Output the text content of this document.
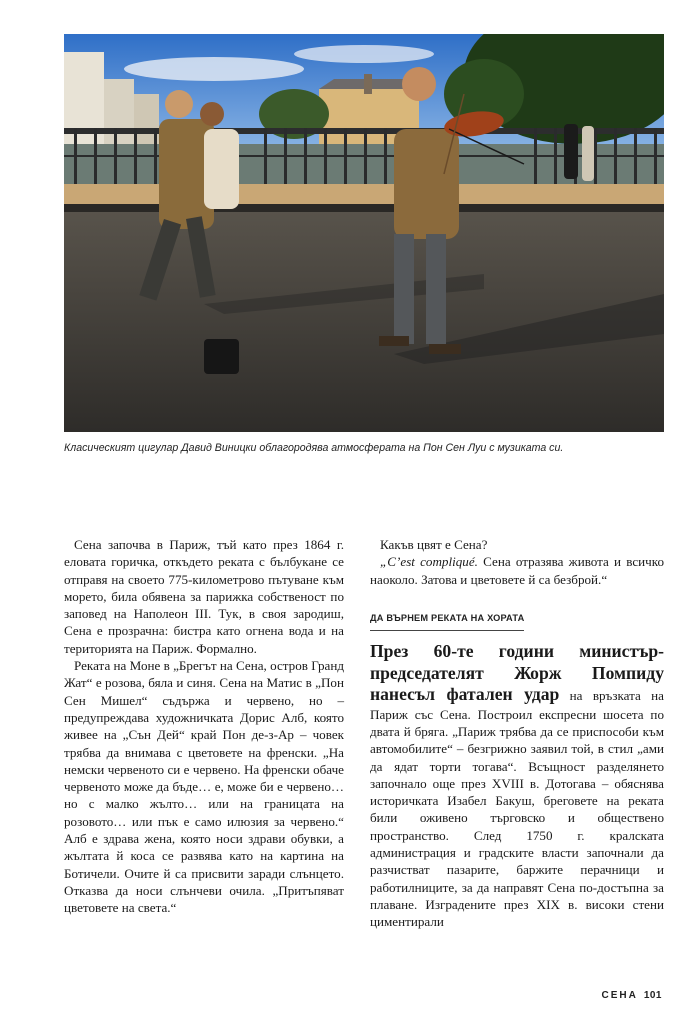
Класическият цигулар Давид Виницки облагородява атмосферата на Пон Сен Луи с музиката си.

Сена започва в Париж, тъй като през 1864 г. еловата горичка, откъдето реката с бълбукане се отправя на своето 775-километрово пътуване към морето, била обявена за парижка собственост по заповед на Наполеон III. Тук, в своя зародиш, Сена е прозрачна: бистра като огнена вода и на територията на Париж. Формално.

Реката на Моне в „Брегът на Сена, остров Гранд Жат“ е розова, бяла и синя. Сена на Матис в „Пон Сен Мишел“ съдържа и червено, но – предупреждава художничката Дорис Алб, която живее на „Сън Дей“ край Пон де-з-Ар – човек трябва да внимава с цветовете на френски. „На немски червеното си е червено. На френски обаче червеното може да бъде… е, може би е червено… но с малко жълто… или на границата на розовото… или пък е само илюзия за червено.“ Алб е здрава жена, която носи здрави обувки, а жълтата й коса се развява като на картина на Ботичели. Очите й са присвити заради слънцето. Отказва да носи слънчеви очила. „Притъпяват цветовете на света.“

Какъв цвят е Сена?

„C’est compliqué. Сена отразява живота и всичко наоколо. Затова и цветовете й са безброй.“

ДА ВЪРНЕМ РЕКАТА НА ХОРАТА

През 60-те години министър-председателят Жорж Помпиду нанесъл фатален удар на връзката на Париж със Сена. Построил експресни шосета по двата й бряга. „Париж трябва да се приспособи към автомобилите“ – безгрижно заявил той, в стил „ами да ядат торти тогава“. Всъщност разделянето започнало още през XVIII в. Дотогава – обяснява историчката Изабел Бакуш, бреговете на реката били оживено търговско и обществено пространство. След 1750 г. кралската администрация и градските власти започнали да разчистват пазарите, баржите перачници и работилниците, за да направят Сена по-достъпна за плаване. Изградените през XIX в. високи стени циментирали

СЕНА 101
